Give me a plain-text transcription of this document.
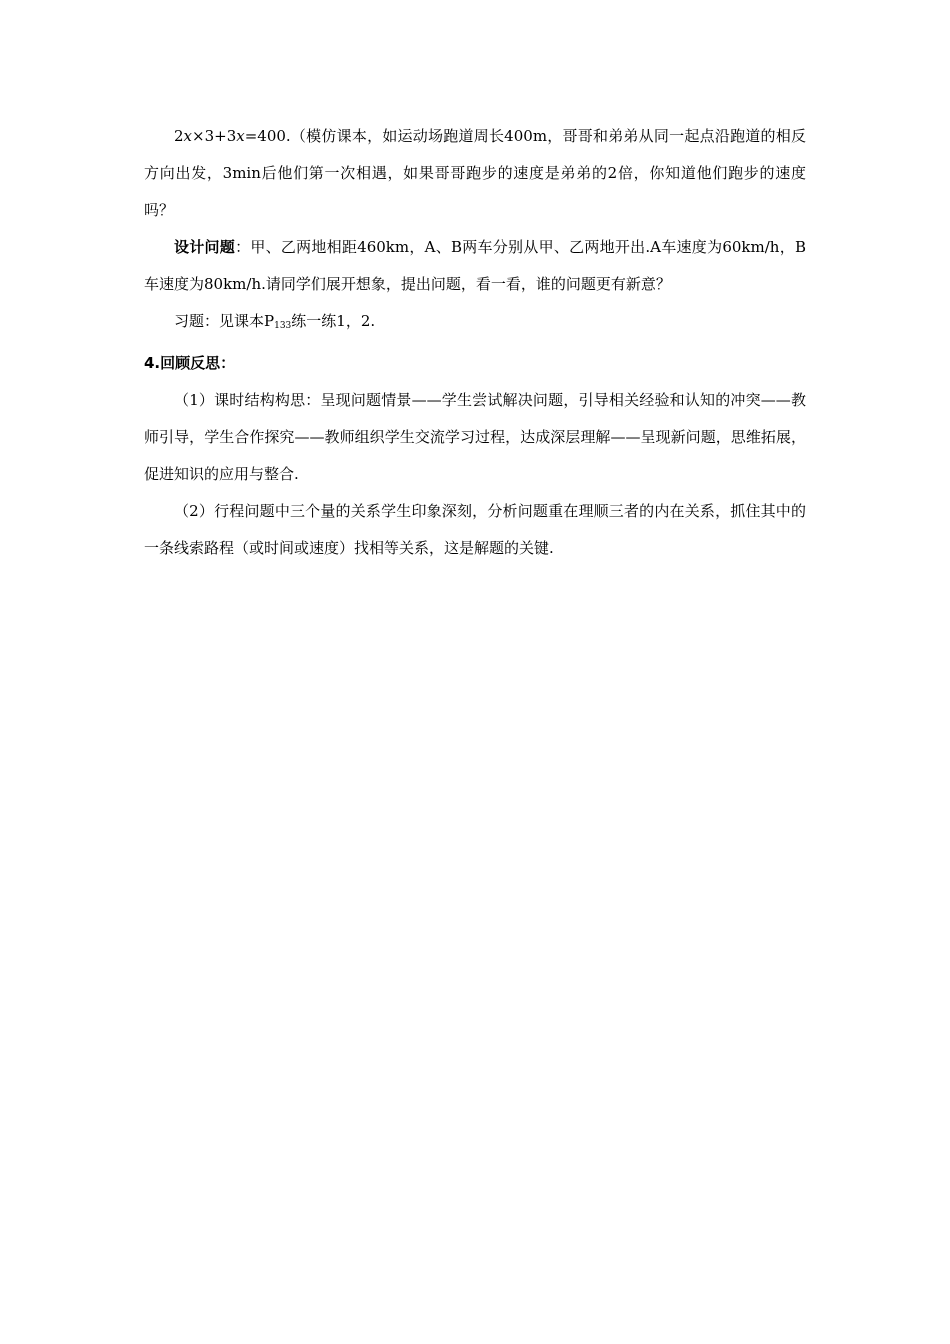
2x×3+3x=400.（模仿课本，如运动场跑道周长400m，哥哥和弟弟从同一起点沿跑道的相反方向出发，3min后他们第一次相遇，如果哥哥跑步的速度是弟弟的2倍，你知道他们跑步的速度吗？

设计问题：甲、乙两地相距460km，A、B两车分别从甲、乙两地开出.A车速度为60km/h，B车速度为80km/h.请同学们展开想象，提出问题，看一看，谁的问题更有新意？

习题：见课本$P_{133}$练一练1，2.

4.回顾反思：

（1）课时结构构思：呈现问题情景——学生尝试解决问题，引导相关经验和认知的冲突——教师引导，学生合作探究——教师组织学生交流学习过程，达成深层理解——呈现新问题，思维拓展，促进知识的应用与整合.

（2）行程问题中三个量的关系学生印象深刻，分析问题重在理顺三者的内在关系，抓住其中的一条线索路程（或时间或速度）找相等关系，这是解题的关键.
